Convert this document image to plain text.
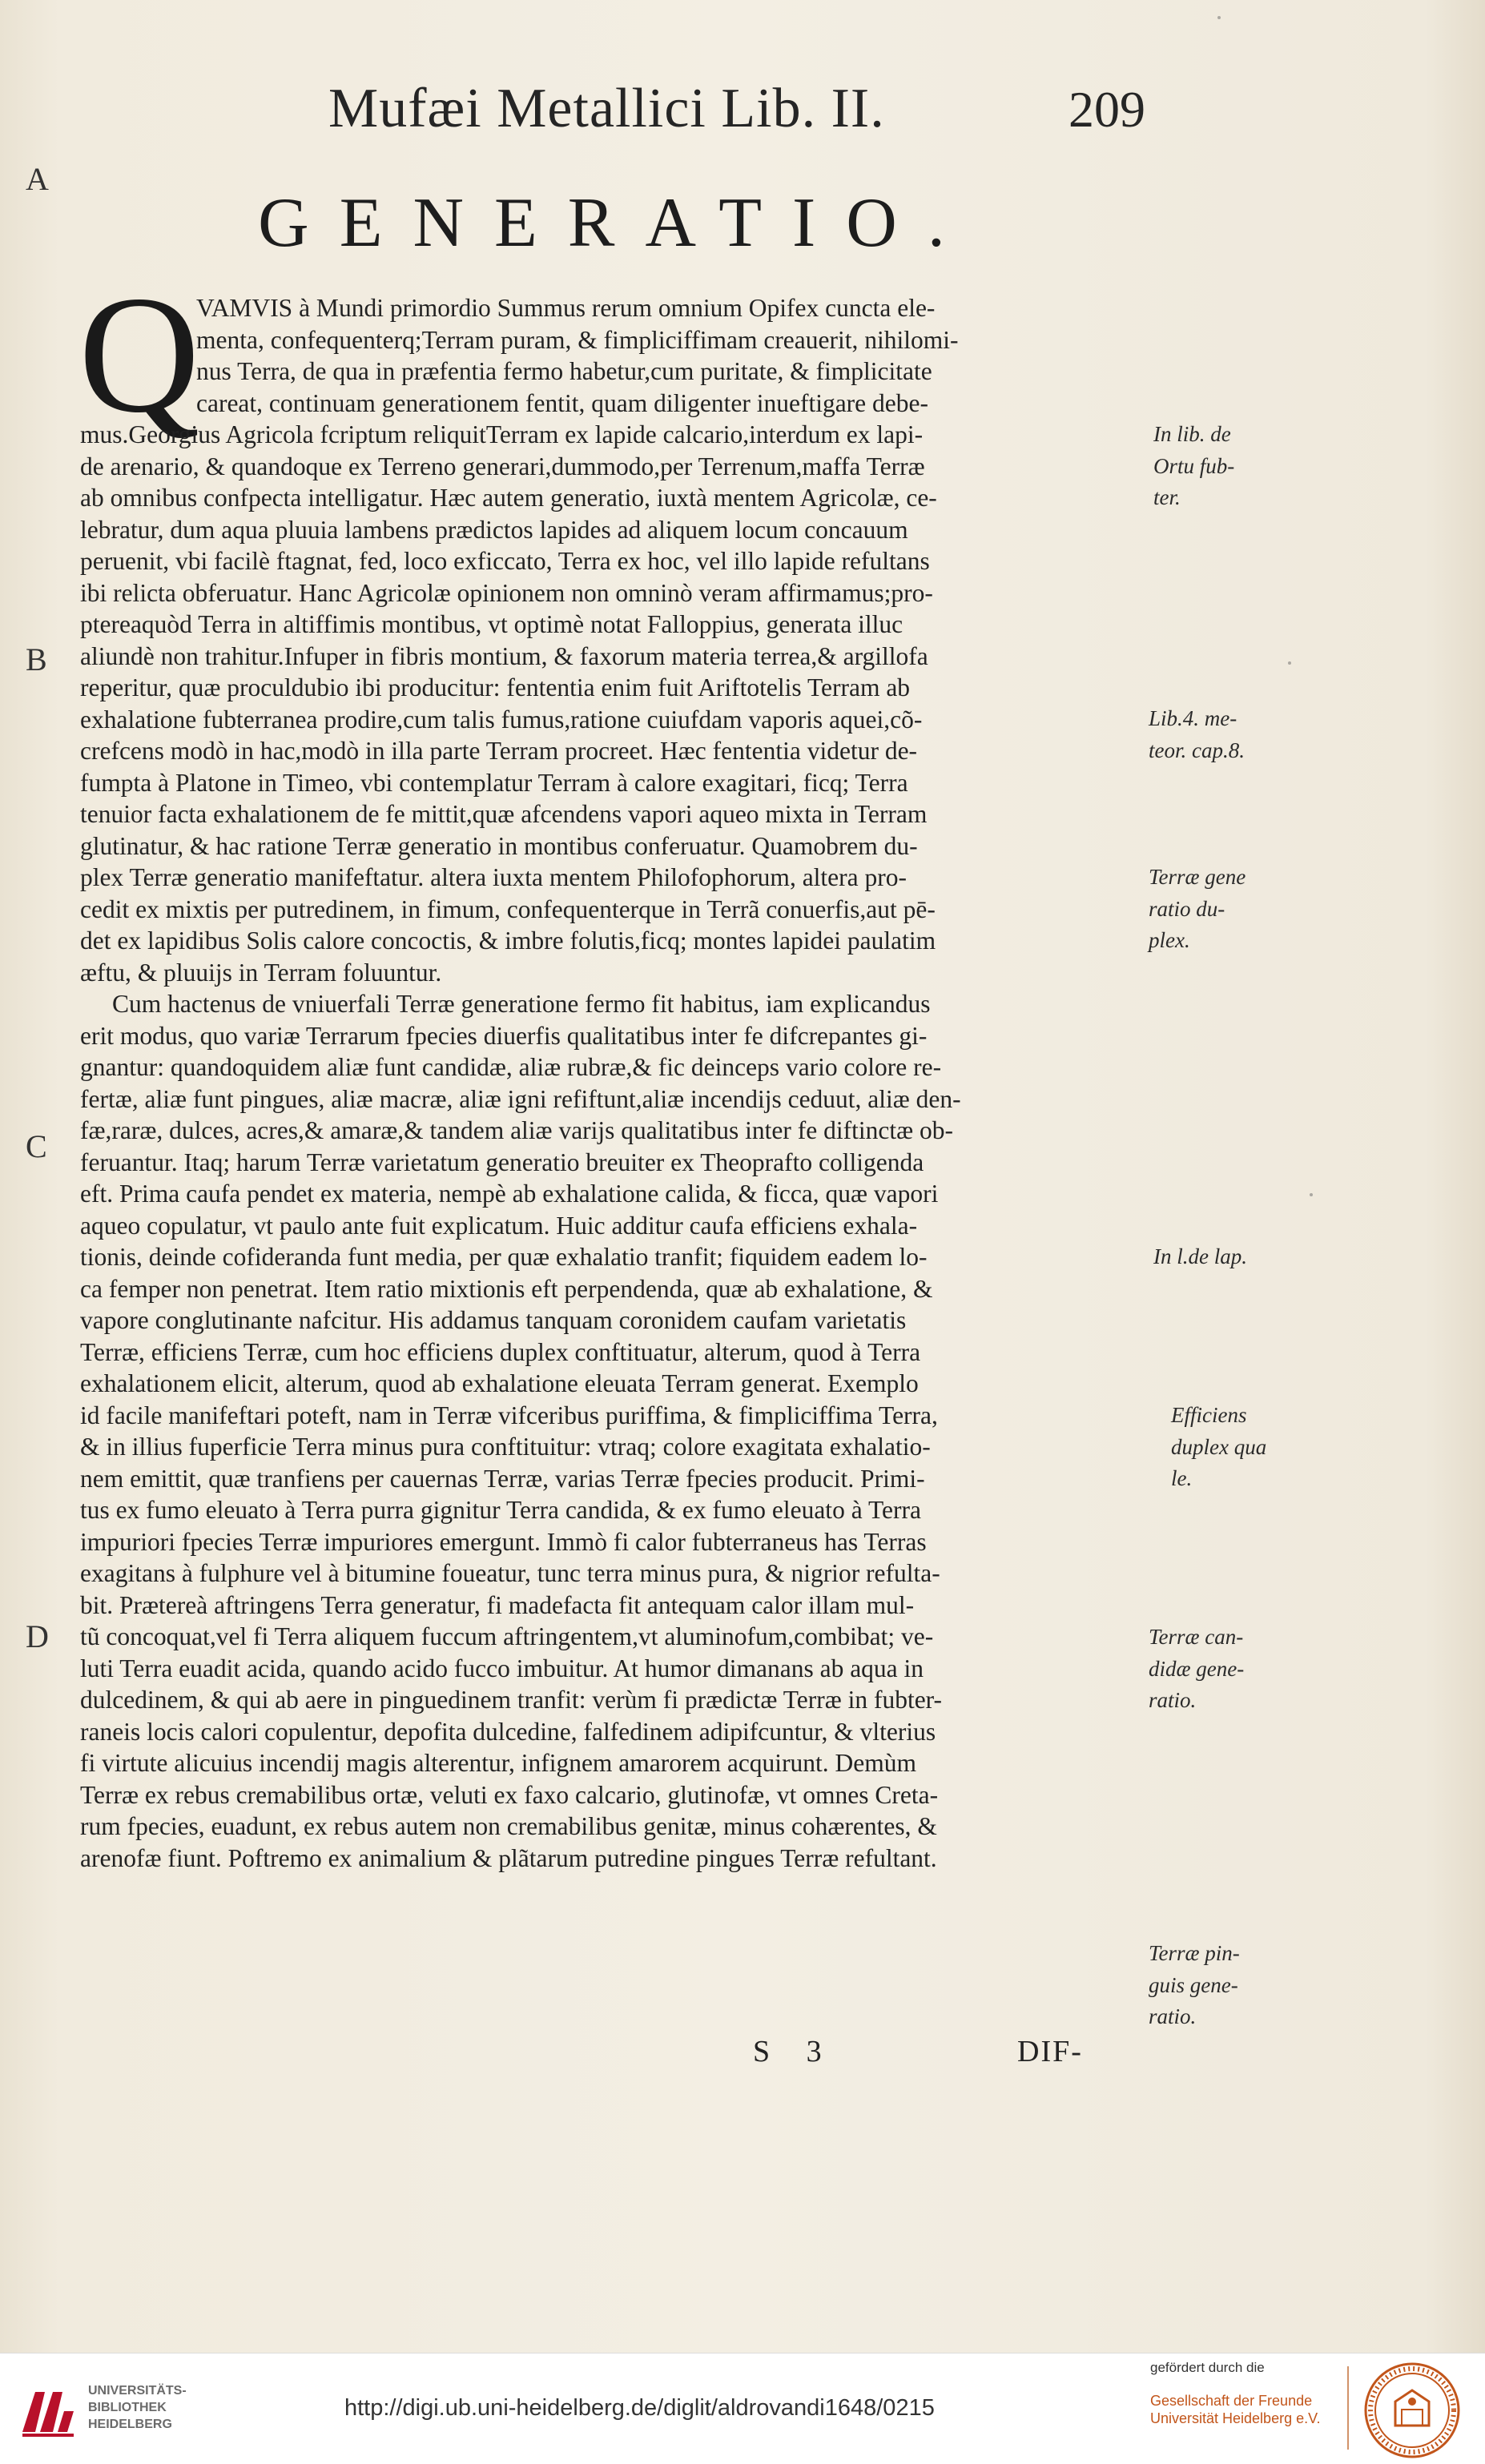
Mufæi Metallici Lib. II.	209
A
B
C
D
GENERATIO.
Q
VAMVIS à Mundi primordio Summus rerum omnium Opifex cuncta ele-
menta, confequenterq;Terram puram, & fimpliciffimam creauerit, nihilomi-
nus Terra, de qua in præfentia fermo habetur,cum puritate, & fimplicitate
careat, continuam generationem fentit, quam diligenter inueftigare debe-
mus.Georgius Agricola fcriptum reliquitTerram ex lapide calcario,interdum ex lapi-
de arenario, & quandoque ex Terreno generari,dummodo,per Terrenum,maffa Terræ
ab omnibus confpecta intelligatur. Hæc autem generatio, iuxtà mentem Agricolæ, ce-
lebratur, dum aqua pluuia lambens prædictos lapides ad aliquem locum concauum
peruenit, vbi facilè ftagnat, fed, loco exficcato, Terra ex hoc, vel illo lapide refultans
ibi relicta obferuatur. Hanc Agricolæ opinionem non omninò veram affirmamus;pro-
ptereaquòd Terra in altiffimis montibus, vt optimè notat Falloppius, generata illuc
aliundè non trahitur.Infuper in fibris montium, & faxorum materia terrea,& argillofa
reperitur, quæ proculdubio ibi producitur: fententia enim fuit Ariftotelis Terram ab
exhalatione fubterranea prodire,cum talis fumus,ratione cuiufdam vaporis aquei,cõ-
crefcens modò in hac,modò in illa parte Terram procreet. Hæc fententia videtur de-
fumpta à Platone in Timeo, vbi contemplatur Terram à calore exagitari, ficq; Terra
tenuior facta exhalationem de fe mittit,quæ afcendens vapori aqueo mixta in Terram
glutinatur, & hac ratione Terræ generatio in montibus conferuatur. Quamobrem du-
plex Terræ generatio manifeftatur. altera iuxta mentem Philofophorum, altera pro-
cedit ex mixtis per putredinem, in fimum, confequenterque in Terrã conuerfis,aut pē-
det ex lapidibus Solis calore concoctis, & imbre folutis,ficq; montes lapidei paulatim
æftu, & pluuijs in Terram foluuntur.
Cum hactenus de vniuerfali Terræ generatione fermo fit habitus, iam explicandus
erit modus, quo variæ Terrarum fpecies diuerfis qualitatibus inter fe difcrepantes gi-
gnantur: quandoquidem aliæ funt candidæ, aliæ rubræ,& fic deinceps vario colore re-
fertæ, aliæ funt pingues, aliæ macræ, aliæ igni refiftunt,aliæ incendijs ceduut, aliæ den-
fæ,raræ, dulces, acres,& amaræ,& tandem aliæ varijs qualitatibus inter fe diftinctæ ob-
feruantur. Itaq; harum Terræ varietatum generatio breuiter ex Theoprafto colligenda
eft. Prima caufa pendet ex materia, nempè ab exhalatione calida, & ficca, quæ vapori
aqueo copulatur, vt paulo ante fuit explicatum. Huic additur caufa efficiens exhala-
tionis, deinde cofideranda funt media, per quæ exhalatio tranfit; fiquidem eadem lo-
ca femper non penetrat. Item ratio mixtionis eft perpendenda, quæ ab exhalatione, &
vapore conglutinante nafcitur. His addamus tanquam coronidem caufam varietatis
Terræ, efficiens Terræ, cum hoc efficiens duplex conftituatur, alterum, quod à Terra
exhalationem elicit, alterum, quod ab exhalatione eleuata Terram generat. Exemplo
id facile manifeftari poteft, nam in Terræ vifceribus puriffima, & fimpliciffima Terra,
& in illius fuperficie Terra minus pura conftituitur: vtraq; colore exagitata exhalatio-
nem emittit, quæ tranfiens per cauernas Terræ, varias Terræ fpecies producit. Primi-
tus ex fumo eleuato à Terra purra gignitur Terra candida, & ex fumo eleuato à Terra
impuriori fpecies Terræ impuriores emergunt. Immò fi calor fubterraneus has Terras
exagitans à fulphure vel à bitumine foueatur, tunc terra minus pura, & nigrior refulta-
bit. Prætereà aftringens Terra generatur, fi madefacta fit antequam calor illam mul-
tũ concoquat,vel fi Terra aliquem fuccum aftringentem,vt aluminofum,combibat; ve-
luti Terra euadit acida, quando acido fucco imbuitur. At humor dimanans ab aqua in
dulcedinem, & qui ab aere in pinguedinem tranfit: verùm fi prædictæ Terræ in fubter-
raneis locis calori copulentur, depofita dulcedine, falfedinem adipifcuntur, & vlterius
fi virtute alicuius incendij magis alterentur, infignem amarorem acquirunt. Demùm
Terræ ex rebus cremabilibus ortæ, veluti ex faxo calcario, glutinofæ, vt omnes Creta-
rum fpecies, euadunt, ex rebus autem non cremabilibus genitæ, minus cohærentes, &
arenofæ fiunt. Poftremo ex animalium & plãtarum putredine pingues Terræ refultant.
In lib. de
Ortu fub-
ter.
Lib.4. me-
teor. cap.8.
Terræ gene
ratio du-
plex.
In l.de lap.
Efficiens
duplex qua
le.
Terræ can-
didæ gene-
ratio.
Terræ pin-
guis gene-
ratio.
S 3	DIF-
UNIVERSITÄTS-
BIBLIOTHEK
HEIDELBERG
http://digi.ub.uni-heidelberg.de/diglit/aldrovandi1648/0215
gefördert durch die
Gesellschaft der Freunde
Universität Heidelberg e.V.
